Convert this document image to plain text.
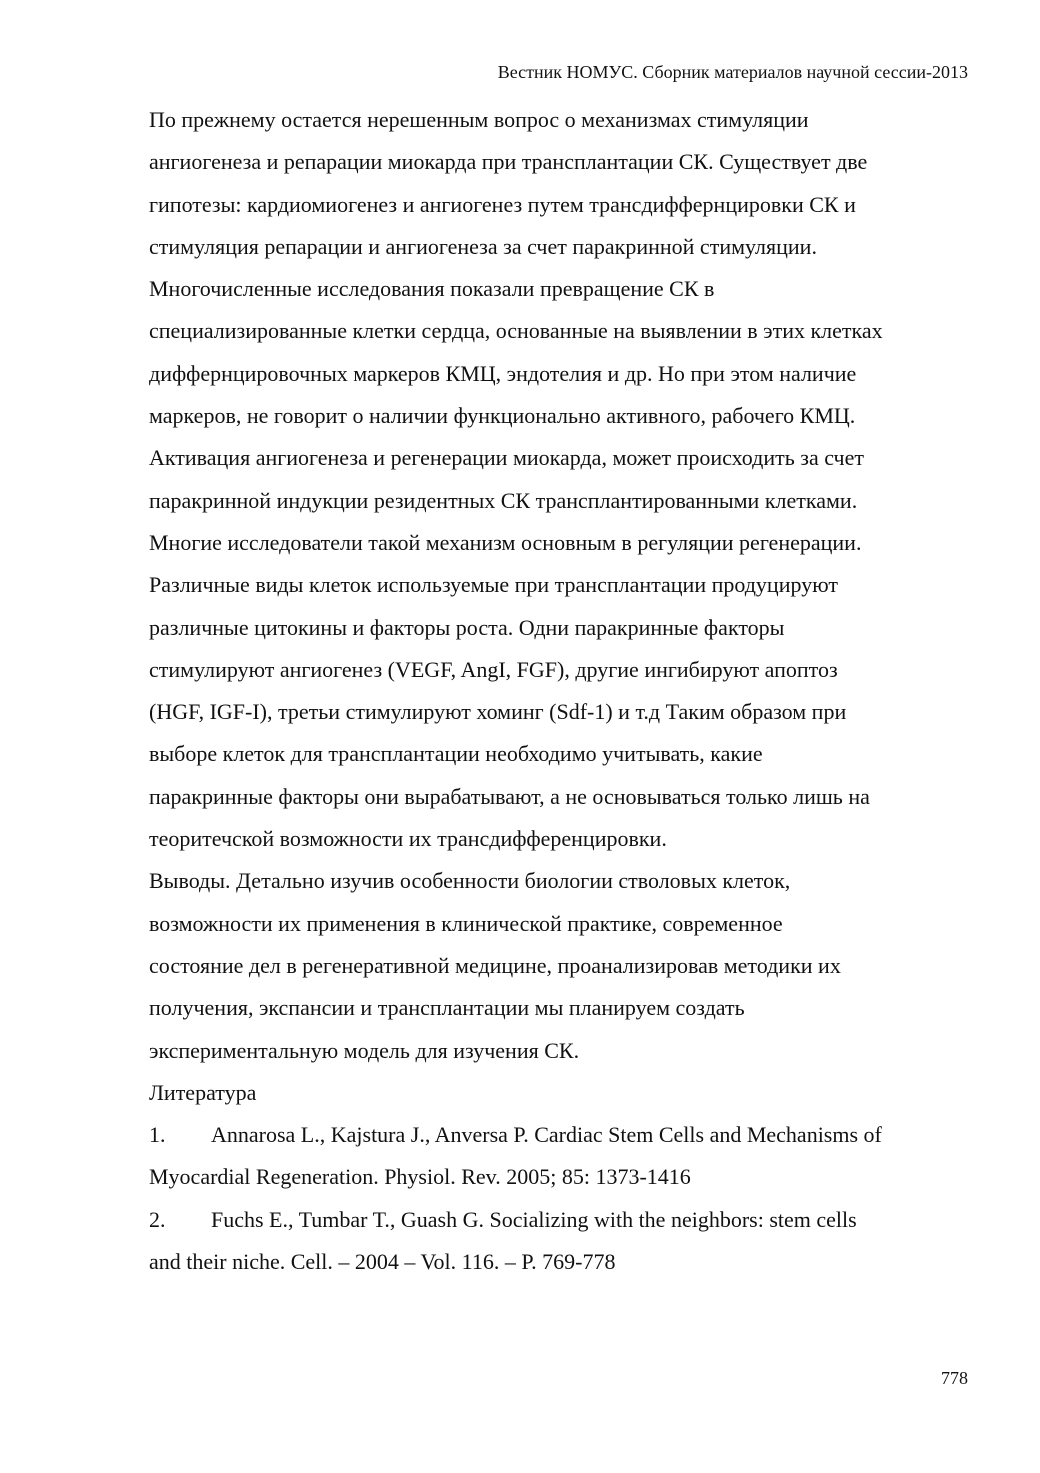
Вестник НОМУС. Сборник материалов научной сессии-2013

По прежнему остается нерешенным вопрос о механизмах стимуляции

ангиогенеза и репарации миокарда при трансплантации СК. Существует две

гипотезы: кардиомиогенез и ангиогенез путем трансдиффернцировки СК и

стимуляция репарации и ангиогенеза за счет паракринной стимуляции.

Многочисленные исследования показали превращение СК в

специализированные клетки сердца, основанные на выявлении в этих клетках

диффернцировочных маркеров КМЦ, эндотелия и др. Но при этом наличие

маркеров, не говорит о наличии функционально активного, рабочего КМЦ.

Активация ангиогенеза и регенерации миокарда, может происходить за счет

паракринной индукции резидентных СК трансплантированными клетками.

Многие исследователи такой механизм основным в регуляции регенерации.

Различные виды клеток используемые при трансплантации продуцируют

различные цитокины и факторы роста. Одни паракринные факторы

стимулируют ангиогенез (VEGF, AngI, FGF), другие ингибируют апоптоз

(HGF, IGF-I), третьи стимулируют хоминг (Sdf-1) и т.д Таким образом при

выборе клеток для трансплантации необходимо учитывать, какие

паракринные факторы они вырабатывают, а не основываться только лишь на

теоритечской возможности их трансдифференцировки.

Выводы. Детально изучив особенности биологии стволовых клеток,

возможности их применения в клинической практике, современное

состояние дел в регенеративной медицине, проанализировав методики их

получения, экспансии и трансплантации мы планируем создать

экспериментальную модель для изучения СК.

Литература

1. Annarosa L., Kajstura J., Anversa P. Cardiac Stem Cells and Mechanisms of

Myocardial Regeneration. Physiol. Rev. 2005; 85: 1373-1416

2. Fuchs E., Tumbar T., Guash G. Socializing with the neighbors: stem cells

and their niche. Cell. – 2004 – Vol. 116. – P. 769-778

778
